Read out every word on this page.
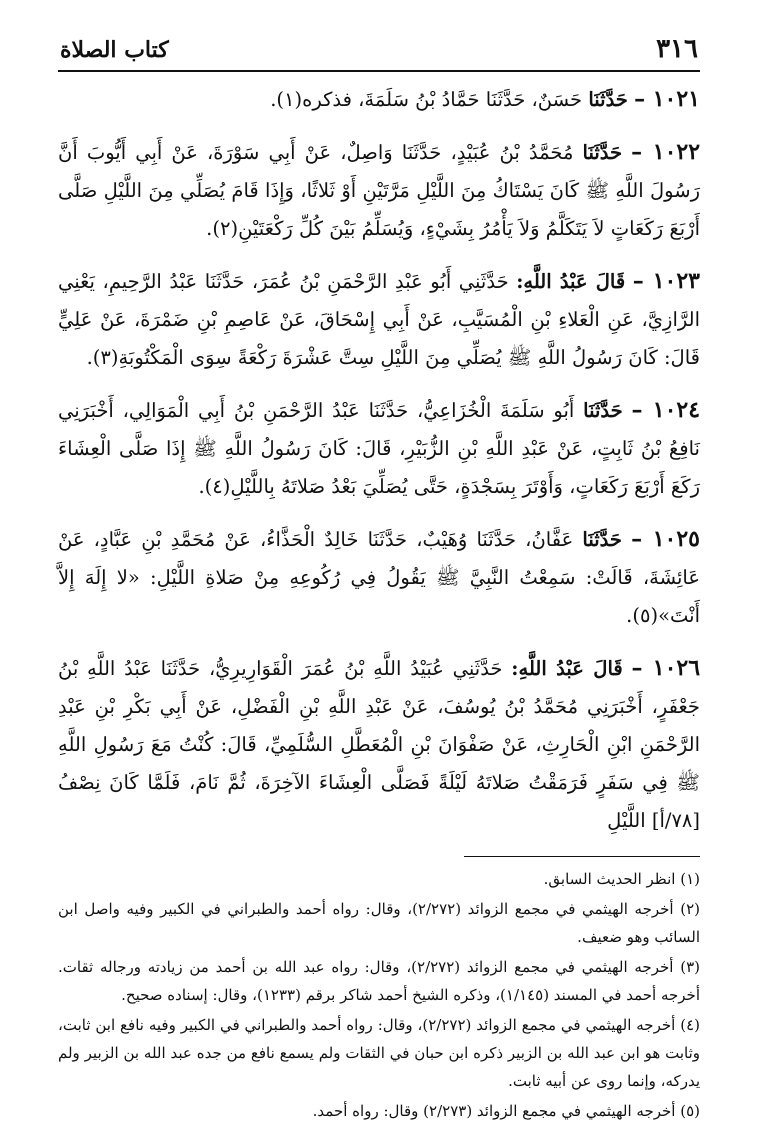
٣١٦
كتاب الصلاة

١٠٢١ – حَدَّثَنَا حَسَنٌ، حَدَّثَنَا حَمَّادُ بْنُ سَلَمَةَ، فذكره(١).

١٠٢٢ – حَدَّثَنَا مُحَمَّدُ بْنُ عُبَيْدٍ، حَدَّثَنَا وَاصِلٌ، عَنْ أَبِي سَوْرَةَ، عَنْ أَبِي أَيُّوبَ أَنَّ رَسُولَ اللَّهِ ﷺ كَانَ يَسْتَاكُ مِنَ اللَّيْلِ مَرَّتَيْنِ أَوْ ثَلاثًا، وَإِذَا قَامَ يُصَلِّي مِنَ اللَّيْلِ صَلَّى أَرْبَعَ رَكَعَاتٍ لاَ يَتَكَلَّمُ وَلاَ يَأْمُرُ بِشَيْءٍ، وَيُسَلِّمُ بَيْنَ كُلِّ رَكْعَتَيْنِ(٢).

١٠٢٣ – قَالَ عَبْدُ اللَّهِ: حَدَّثَنِي أَبُو عَبْدِ الرَّحْمَنِ بْنُ عُمَرَ، حَدَّثَنَا عَبْدُ الرَّحِيمِ، يَعْنِي الرَّازِيَّ، عَنِ الْعَلاءِ بْنِ الْمُسَيَّبِ، عَنْ أَبِي إِسْحَاقَ، عَنْ عَاصِمِ بْنِ ضَمْرَةَ، عَنْ عَلِيٍّ قَالَ: كَانَ رَسُولُ اللَّهِ ﷺ يُصَلِّي مِنَ اللَّيْلِ سِتَّ عَشْرَةَ رَكْعَةً سِوَى الْمَكْتُوبَةِ(٣).

١٠٢٤ – حَدَّثَنَا أَبُو سَلَمَةَ الْخُزَاعِيُّ، حَدَّثَنَا عَبْدُ الرَّحْمَنِ بْنُ أَبِي الْمَوَالِي، أَخْبَرَنِي نَافِعُ بْنُ ثَابِتٍ، عَنْ عَبْدِ اللَّهِ بْنِ الزُّبَيْرِ، قَالَ: كَانَ رَسُولُ اللَّهِ ﷺ إِذَا صَلَّى الْعِشَاءَ رَكَعَ أَرْبَعَ رَكَعَاتٍ، وَأَوْتَرَ بِسَجْدَةٍ، حَتَّى يُصَلِّيَ بَعْدُ صَلاتَهُ بِاللَّيْلِ(٤).

١٠٢٥ – حَدَّثَنَا عَفَّانُ، حَدَّثَنَا وُهَيْبٌ، حَدَّثَنَا خَالِدٌ الْحَذَّاءُ، عَنْ مُحَمَّدِ بْنِ عَبَّادٍ، عَنْ عَائِشَةَ، قَالَتْ: سَمِعْتُ النَّبِيَّ ﷺ يَقُولُ فِي رُكُوعِهِ مِنْ صَلاةِ اللَّيْلِ: «لا إِلَهَ إِلاَّ أَنْتَ»(٥).

١٠٢٦ – قَالَ عَبْدُ اللَّهِ: حَدَّثَنِي عُبَيْدُ اللَّهِ بْنُ عُمَرَ الْقَوَارِيرِيُّ، حَدَّثَنَا عَبْدُ اللَّهِ بْنُ جَعْفَرٍ، أَخْبَرَنِي مُحَمَّدُ بْنُ يُوسُفَ، عَنْ عَبْدِ اللَّهِ بْنِ الْفَضْلِ، عَنْ أَبِي بَكْرِ بْنِ عَبْدِ الرَّحْمَنِ ابْنِ الْحَارِثِ، عَنْ صَفْوَانَ بْنِ الْمُعَطَّلِ السُّلَمِيِّ، قَالَ: كُنْتُ مَعَ رَسُولِ اللَّهِ ﷺ فِي سَفَرٍ فَرَمَقْتُ صَلاتَهُ لَيْلَةً فَصَلَّى الْعِشَاءَ الآخِرَةَ، ثُمَّ نَامَ، فَلَمَّا كَانَ نِصْفُ [٧٨/أ] اللَّيْلِ

(١) انظر الحديث السابق.

(٢) أخرجه الهيثمي في مجمع الزوائد (٢/٢٧٢)، وقال: رواه أحمد والطبراني في الكبير وفيه واصل ابن السائب وهو ضعيف.

(٣) أخرجه الهيثمي في مجمع الزوائد (٢/٢٧٢)، وقال: رواه عبد الله بن أحمد من زيادته ورجاله ثقات. أخرجه أحمد في المسند (١/١٤٥)، وذكره الشيخ أحمد شاكر برقم (١٢٣٣)، وقال: إسناده صحيح.

(٤) أخرجه الهيثمي في مجمع الزوائد (٢/٢٧٢)، وقال: رواه أحمد والطبراني في الكبير وفيه نافع ابن ثابت، وثابت هو ابن عبد الله بن الزبير ذكره ابن حبان في الثقات ولم يسمع نافع من جده عبد الله بن الزبير ولم يدركه، وإنما روى عن أبيه ثابت.

(٥) أخرجه الهيثمي في مجمع الزوائد (٢/٢٧٣) وقال: رواه أحمد.
